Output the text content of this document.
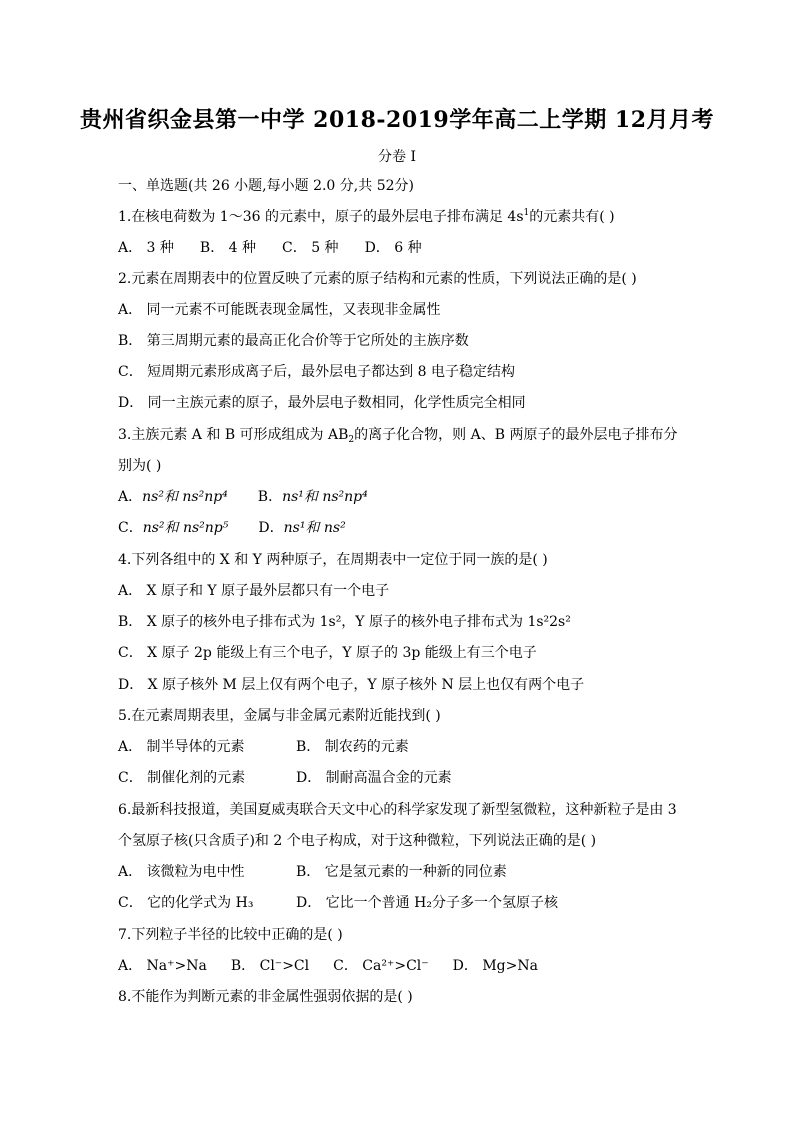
贵州省织金县第一中学 2018-2019学年高二上学期 12月月考
分卷 I
一、单选题(共 26 小题,每小题 2.0 分,共 52分)
1.在核电荷数为 1～36 的元素中，原子的最外层电子排布满足 $4s^1$的元素共有( )
A． 3 种 B． 4 种 C． 5 种 D． 6 种
2.元素在周期表中的位置反映了元素的原子结构和元素的性质，下列说法正确的是( )
A． 同一元素不可能既表现金属性，又表现非金属性
B． 第三周期元素的最高正化合价等于它所处的主族序数
C． 短周期元素形成离子后，最外层电子都达到 8 电子稳定结构
D． 同一主族元素的原子，最外层电子数相同，化学性质完全相同
3.主族元素 A 和 B 可形成组成为 $AB_2$的离子化合物，则 A、B 两原子的最外层电子排布分
别为( )
A．ns²和 ns²np⁴ B．ns¹和 ns²np⁴
C．ns²和 ns²np⁵ D．ns¹和 ns²
4.下列各组中的 X 和 Y 两种原子，在周期表中一定位于同一族的是( )
A． X 原子和 Y 原子最外层都只有一个电子
B． X 原子的核外电子排布式为 1s²，Y 原子的核外电子排布式为 1s²2s²
C． X 原子 2p 能级上有三个电子，Y 原子的 3p 能级上有三个电子
D． X 原子核外 M 层上仅有两个电子，Y 原子核外 N 层上也仅有两个电子
5.在元素周期表里，金属与非金属元素附近能找到( )
A． 制半导体的元素	B． 制农药的元素
C． 制催化剂的元素	D． 制耐高温合金的元素
6.最新科技报道，美国夏威夷联合天文中心的科学家发现了新型氢微粒，这种新粒子是由 3
个氢原子核(只含质子)和 2 个电子构成，对于这种微粒，下列说法正确的是( )
A． 该微粒为电中性	B． 它是氢元素的一种新的同位素
C． 它的化学式为 H₃	D． 它比一个普通 H₂分子多一个氢原子核
7.下列粒子半径的比较中正确的是( )
A． Na⁺>Na B． Cl⁻>Cl C． Ca²⁺>Cl⁻ D． Mg>Na
8.不能作为判断元素的非金属性强弱依据的是( )
